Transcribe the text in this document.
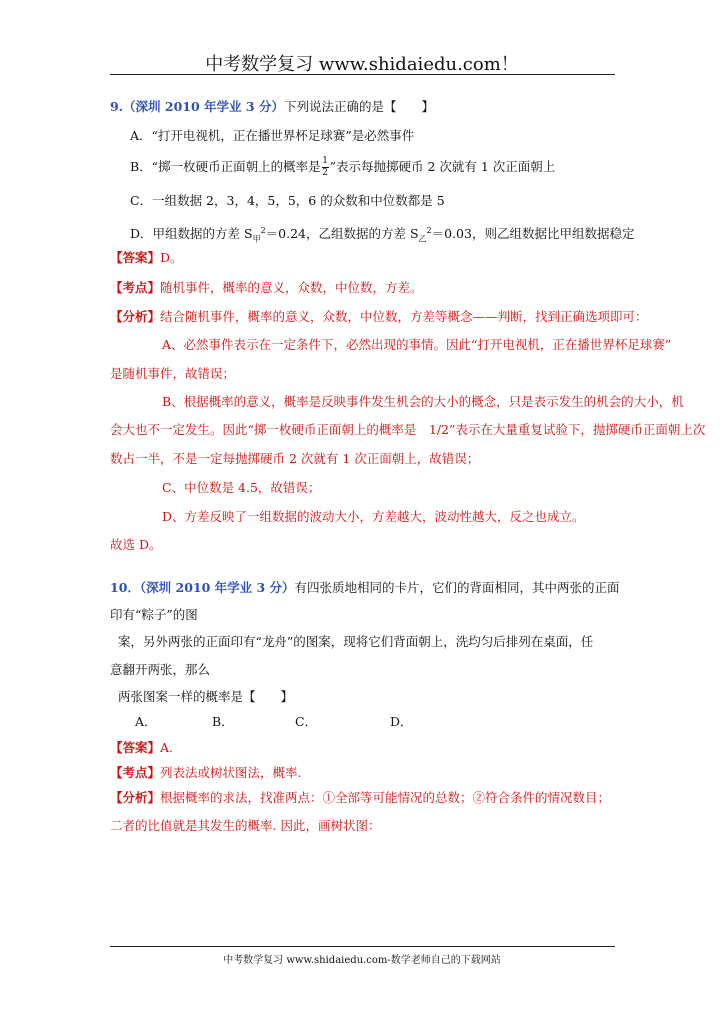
中考数学复习 www.shidaiedu.com！
9.（深圳 2010 年学业 3 分）下列说法正确的是【　　】
A．“打开电视机，正在播世界杯足球赛”是必然事件
B．“掷一枚硬币正面朝上的概率是 $\frac{1}{2}$ ”表示每抛掷硬币 2 次就有 1 次正面朝上
C．一组数据 2，3，4，5，5，6 的众数和中位数都是 5
D．甲组数据的方差 $S_甲^2=0.24$，乙组数据的方差 $S_乙^2=0.03$，则乙组数据比甲组数据稳定
【答案】D。
【考点】随机事件，概率的意义，众数，中位数，方差。
【分析】结合随机事件，概率的意义，众数，中位数，方差等概念——判断，找到正确选项即可：
A、必然事件表示在一定条件下，必然出现的事情。因此“打开电视机，正在播世界杯足球赛”
是随机事件，故错误；
B、根据概率的意义，概率是反映事件发生机会的大小的概念，只是表示发生的机会的大小，机
会大也不一定发生。因此“掷一枚硬币正面朝上的概率是　1/2”表示在大量重复试验下，抛掷硬币正面朝上次
数占一半，不是一定每抛掷硬币 2 次就有 1 次正面朝上，故错误；
C、中位数是 4.5，故错误；
D、方差反映了一组数据的波动大小，方差越大，波动性越大，反之也成立。
故选 D。
10．（深圳 2010 年学业 3 分）有四张质地相同的卡片，它们的背面相同，其中两张的正面
印有“粽子”的图
案，另外两张的正面印有“龙舟”的图案，现将它们背面朝上，洗均匀后排列在桌面，任
意翻开两张，那么
两张图案一样的概率是【　　】
A．	B．	C．	D．
【答案】A.
【考点】列表法或树状图法，概率.
【分析】根据概率的求法，找准两点：①全部等可能情况的总数；②符合条件的情况数目；
二者的比值就是其发生的概率. 因此，画树状图：
中考数学复习 www.shidaiedu.com-数学老师自己的下载网站
